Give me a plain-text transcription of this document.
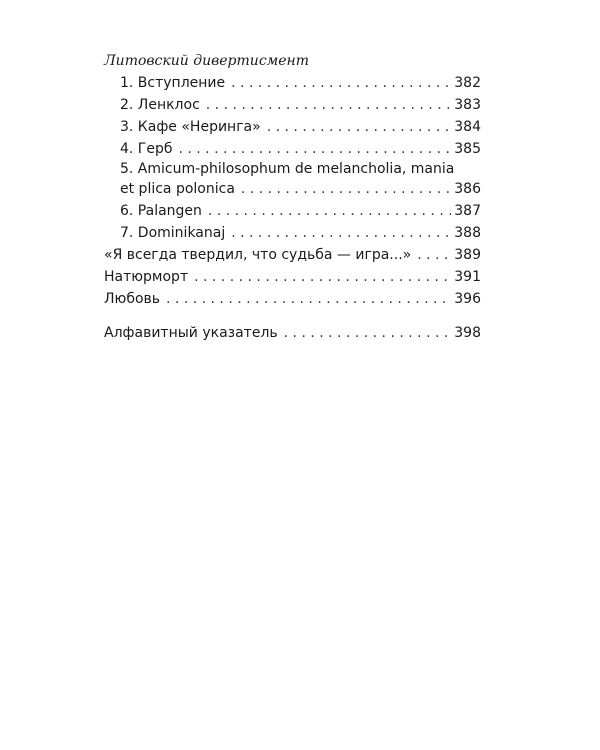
Литовский дивертисмент
1. Вступление . . .	382
2. Ленклос . . .	383
3. Кафе «Неринга» . . .	384
4. Герб . . .	385
5. Amicum-philosophum de melancholia, mania
et plica polonica . . .	386
6. Palangen . . .	387
7. Dominikanaj . . .	388
«Я всегда твердил, что судьба — игра...» . . .	389
Натюрморт . . .	391
Любовь . . .	396
Алфавитный указатель . . .	398
